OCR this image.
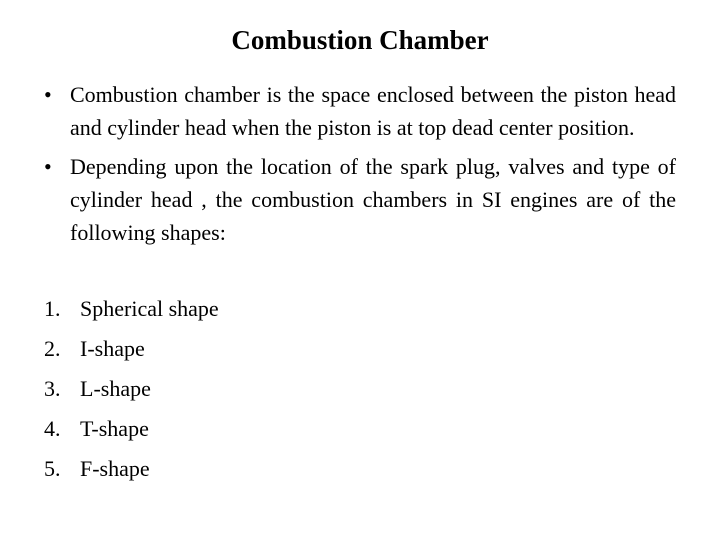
Combustion Chamber
• Combustion chamber is the space enclosed between the piston head and cylinder head when the piston is at top dead center position.
• Depending upon the location of the spark plug, valves and type of cylinder head , the combustion chambers in SI engines are of the following shapes:
1. Spherical shape
2. I-shape
3. L-shape
4. T-shape
5. F-shape
